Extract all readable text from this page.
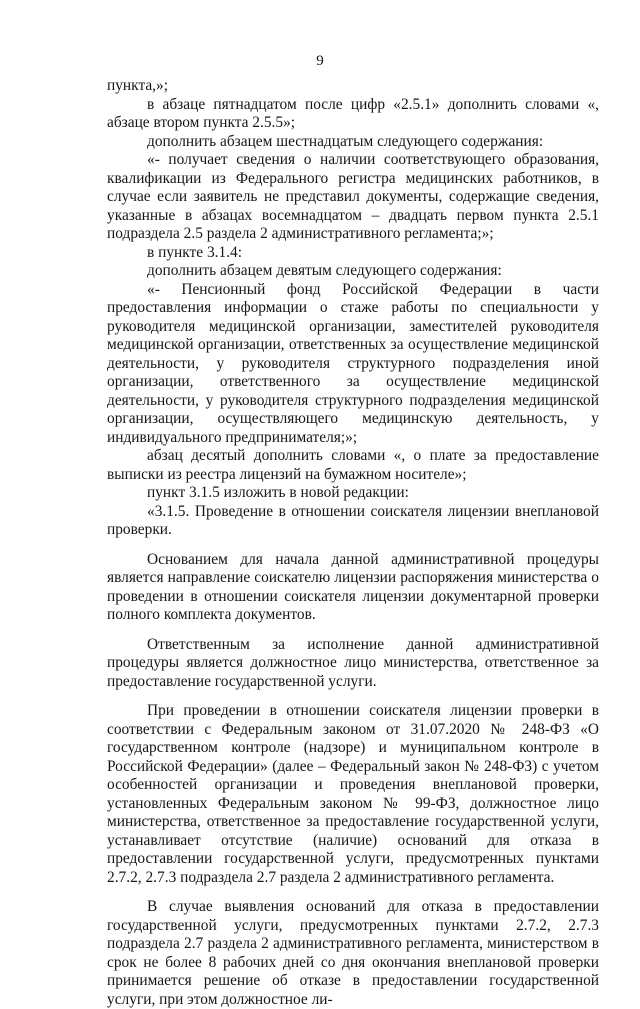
9

пункта,»;

в абзаце пятнадцатом после цифр «2.5.1» дополнить словами «, абзаце втором пункта 2.5.5»;

дополнить абзацем шестнадцатым следующего содержания:

«- получает сведения о наличии соответствующего образования, квалификации из Федерального регистра медицинских работников, в случае если заявитель не представил документы, содержащие сведения, указанные в абзацах восемнадцатом – двадцать первом пункта 2.5.1 подраздела 2.5 раздела 2 административного регламента;»;

в пункте 3.1.4:

дополнить абзацем девятым следующего содержания:

«- Пенсионный фонд Российской Федерации в части предоставления информации о стаже работы по специальности у руководителя медицинской организации, заместителей руководителя медицинской организации, ответственных за осуществление медицинской деятельности, у руководителя структурного подразделения иной организации, ответственного за осуществление медицинской деятельности, у руководителя структурного подразделения медицинской организации, осуществляющего медицинскую деятельность, у индивидуального предпринимателя;»;

абзац десятый дополнить словами «, о плате за предоставление выписки из реестра лицензий на бумажном носителе»;

пункт 3.1.5 изложить в новой редакции:

«3.1.5. Проведение в отношении соискателя лицензии внеплановой проверки.

Основанием для начала данной административной процедуры является направление соискателю лицензии распоряжения министерства о проведении в отношении соискателя лицензии документарной проверки полного комплекта документов.

Ответственным за исполнение данной административной процедуры является должностное лицо министерства, ответственное за предоставление государственной услуги.

При проведении в отношении соискателя лицензии проверки в соответствии с Федеральным законом от 31.07.2020 № 248-ФЗ «О государственном контроле (надзоре) и муниципальном контроле в Российской Федерации» (далее – Федеральный закон № 248-ФЗ) с учетом особенностей организации и проведения внеплановой проверки, установленных Федеральным законом № 99-ФЗ, должностное лицо министерства, ответственное за предоставление государственной услуги, устанавливает отсутствие (наличие) оснований для отказа в предоставлении государственной услуги, предусмотренных пунктами 2.7.2, 2.7.3 подраздела 2.7 раздела 2 административного регламента.

В случае выявления оснований для отказа в предоставлении государственной услуги, предусмотренных пунктами 2.7.2, 2.7.3 подраздела 2.7 раздела 2 административного регламента, министерством в срок не более 8 рабочих дней со дня окончания внеплановой проверки принимается решение об отказе в предоставлении государственной услуги, при этом должностное ли-
